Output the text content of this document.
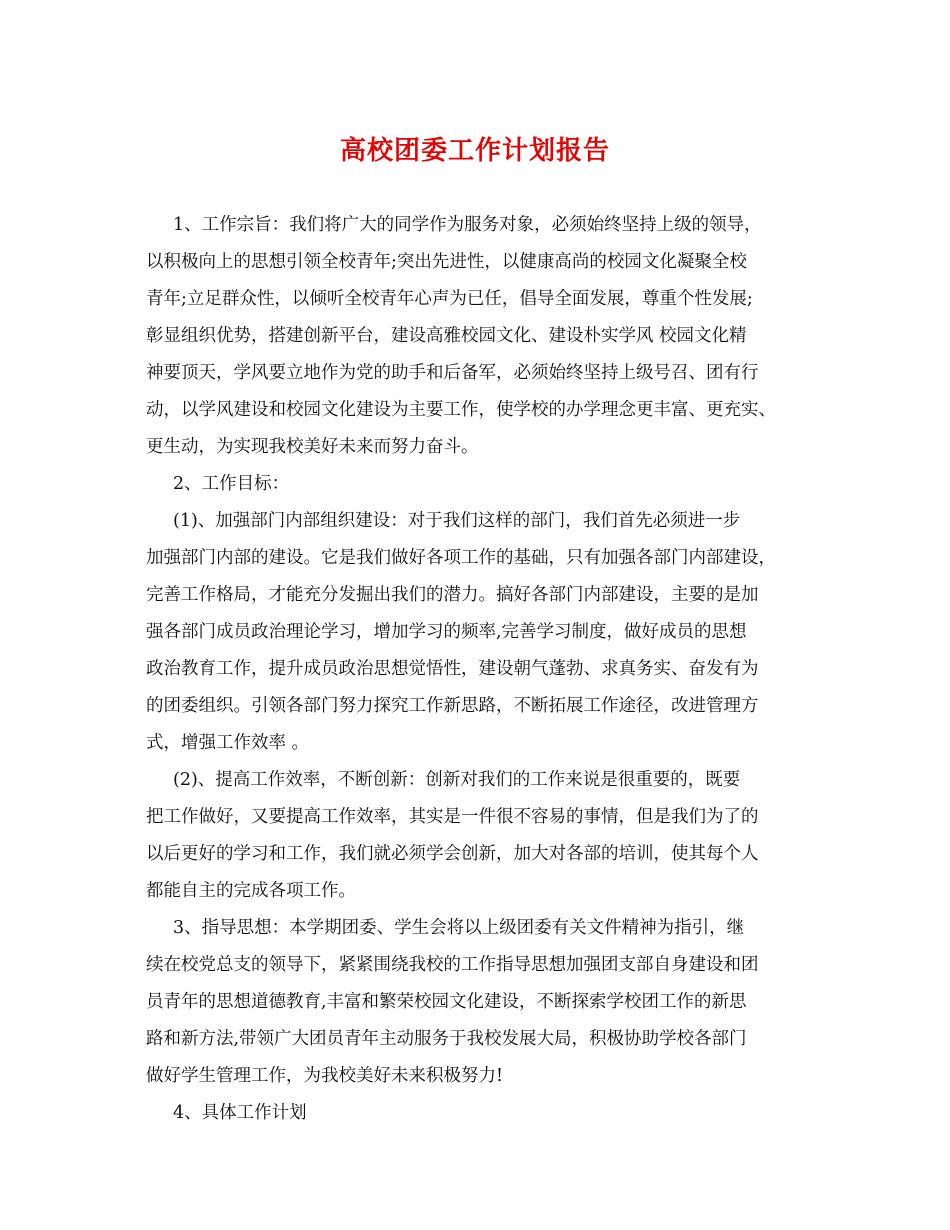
高校团委工作计划报告
1、工作宗旨：我们将广大的同学作为服务对象，必须始终坚持上级的领导，
以积极向上的思想引领全校青年;突出先进性，以健康高尚的校园文化凝聚全校
青年;立足群众性，以倾听全校青年心声为已任，倡导全面发展，尊重个性发展;
彰显组织优势，搭建创新平台，建设高雅校园文化、建设朴实学风 校园文化精
神要顶天，学风要立地作为党的助手和后备军，必须始终坚持上级号召、团有行
动，以学风建设和校园文化建设为主要工作，使学校的办学理念更丰富、更充实、
更生动，为实现我校美好未来而努力奋斗。
2、工作目标：
(1)、加强部门内部组织建设：对于我们这样的部门，我们首先必须进一步
加强部门内部的建设。它是我们做好各项工作的基础，只有加强各部门内部建设，
完善工作格局，才能充分发掘出我们的潜力。搞好各部门内部建设，主要的是加
强各部门成员政治理论学习，增加学习的频率,完善学习制度，做好成员的思想
政治教育工作，提升成员政治思想觉悟性，建设朝气蓬勃、求真务实、奋发有为
的团委组织。引领各部门努力探究工作新思路，不断拓展工作途径，改进管理方
式，增强工作效率 。
(2)、提高工作效率，不断创新：创新对我们的工作来说是很重要的，既要
把工作做好，又要提高工作效率，其实是一件很不容易的事情，但是我们为了的
以后更好的学习和工作，我们就必须学会创新，加大对各部的培训，使其每个人
都能自主的完成各项工作。
3、指导思想：本学期团委、学生会将以上级团委有关文件精神为指引，继
续在校党总支的领导下，紧紧围绕我校的工作指导思想加强团支部自身建设和团
员青年的思想道德教育,丰富和繁荣校园文化建设，不断探索学校团工作的新思
路和新方法,带领广大团员青年主动服务于我校发展大局，积极协助学校各部门
做好学生管理工作，为我校美好未来积极努力!
4、具体工作计划
